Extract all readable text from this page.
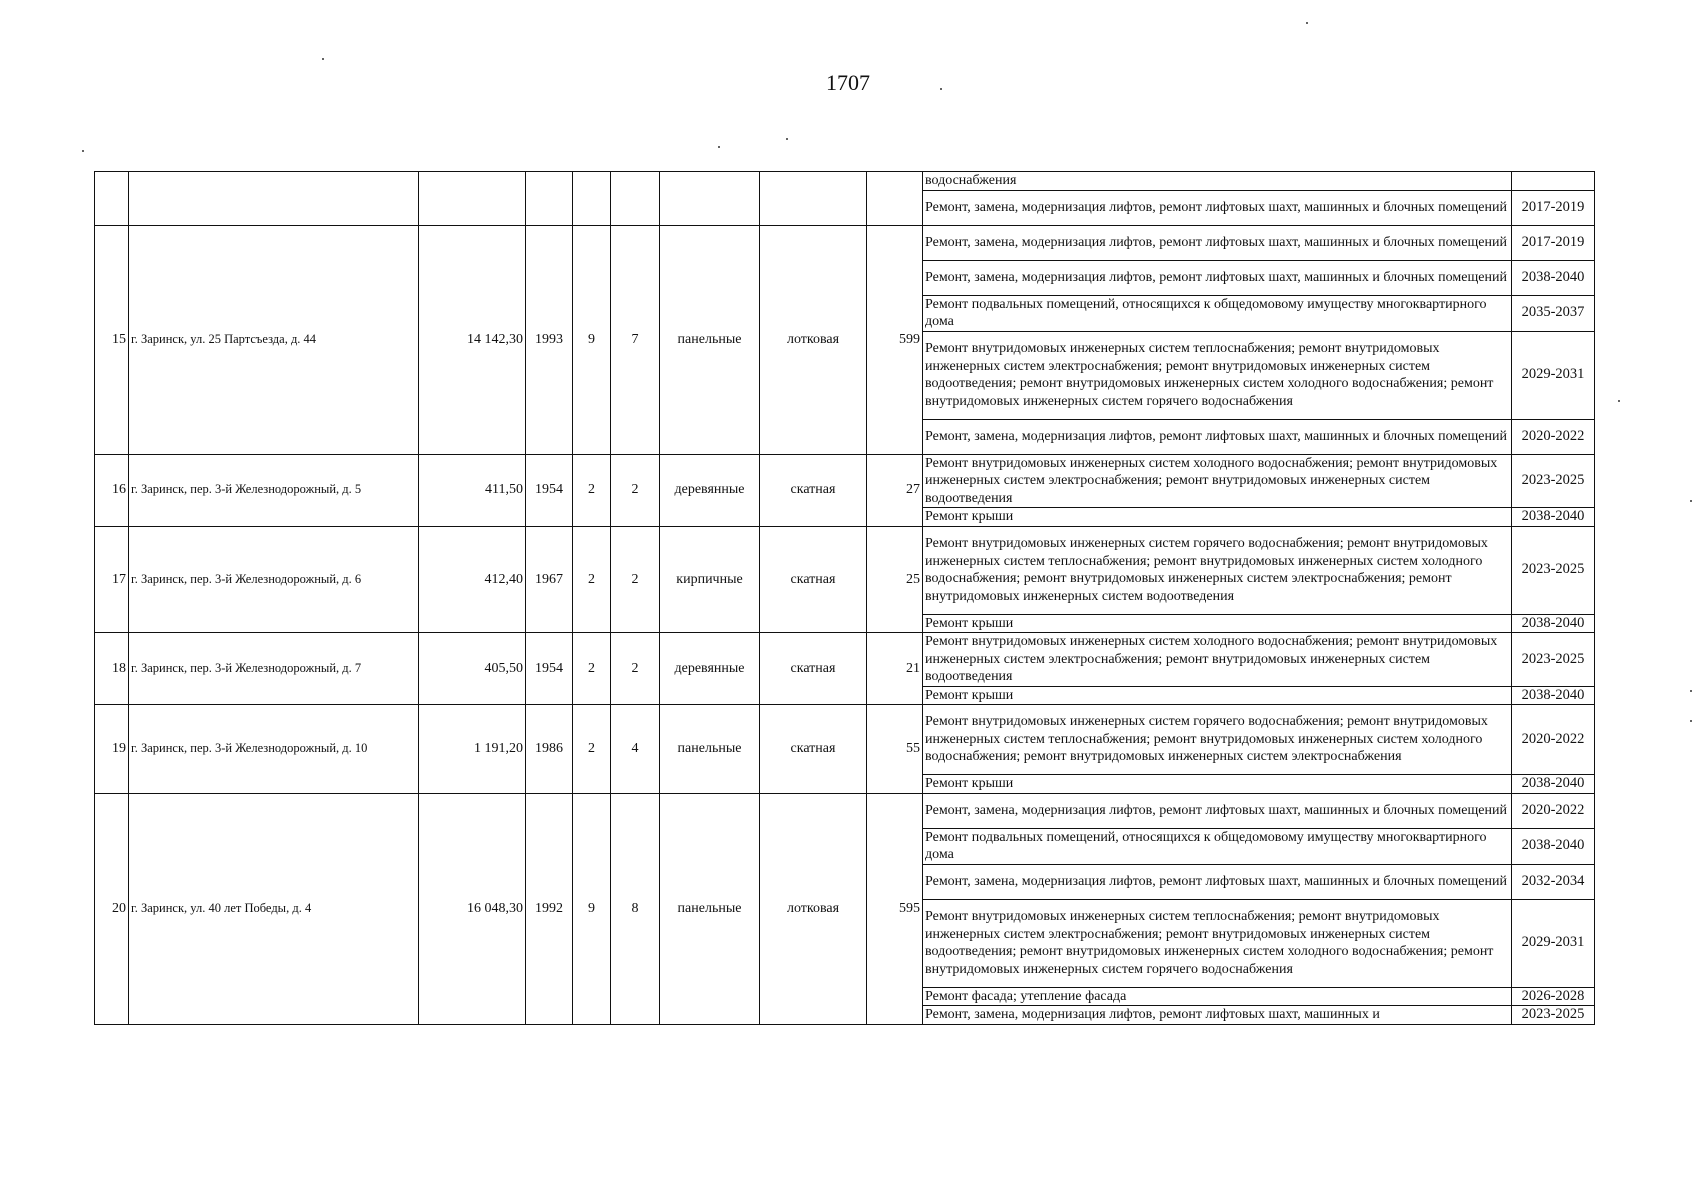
1707
									водоснабжения	
									Ремонт, замена, модернизация лифтов, ремонт лифтовых шахт, машинных и блочных помещений	2017-2019
15	г. Заринск, ул. 25 Партсъезда, д. 44	14 142,30	1993	9	7	панельные	лотковая	599	Ремонт, замена, модернизация лифтов, ремонт лифтовых шахт, машинных и блочных помещений	2017-2019
									Ремонт, замена, модернизация лифтов, ремонт лифтовых шахт, машинных и блочных помещений	2038-2040
									Ремонт подвальных помещений, относящихся к общедомовому имуществу многоквартирного дома	2035-2037
									Ремонт внутридомовых инженерных систем теплоснабжения; ремонт внутридомовых инженерных систем электроснабжения; ремонт внутридомовых инженерных систем водоотведения; ремонт внутридомовых инженерных систем холодного водоснабжения; ремонт внутридомовых инженерных систем горячего водоснабжения	2029-2031
									Ремонт, замена, модернизация лифтов, ремонт лифтовых шахт, машинных и блочных помещений	2020-2022
16	г. Заринск, пер. 3-й Железнодорожный, д. 5	411,50	1954	2	2	деревянные	скатная	27	Ремонт внутридомовых инженерных систем холодного водоснабжения; ремонт внутридомовых инженерных систем электроснабжения; ремонт внутридомовых инженерных систем водоотведения	2023-2025
									Ремонт крыши	2038-2040
17	г. Заринск, пер. 3-й Железнодорожный, д. 6	412,40	1967	2	2	кирпичные	скатная	25	Ремонт внутридомовых инженерных систем горячего водоснабжения; ремонт внутридомовых инженерных систем теплоснабжения; ремонт внутридомовых инженерных систем холодного водоснабжения; ремонт внутридомовых инженерных систем электроснабжения; ремонт внутридомовых инженерных систем водоотведения	2023-2025
									Ремонт крыши	2038-2040
18	г. Заринск, пер. 3-й Железнодорожный, д. 7	405,50	1954	2	2	деревянные	скатная	21	Ремонт внутридомовых инженерных систем холодного водоснабжения; ремонт внутридомовых инженерных систем электроснабжения; ремонт внутридомовых инженерных систем водоотведения	2023-2025
									Ремонт крыши	2038-2040
19	г. Заринск, пер. 3-й Железнодорожный, д. 10	1 191,20	1986	2	4	панельные	скатная	55	Ремонт внутридомовых инженерных систем горячего водоснабжения; ремонт внутридомовых инженерных систем теплоснабжения; ремонт внутридомовых инженерных систем холодного водоснабжения; ремонт внутридомовых инженерных систем электроснабжения	2020-2022
									Ремонт крыши	2038-2040
20	г. Заринск, ул. 40 лет Победы, д. 4	16 048,30	1992	9	8	панельные	лотковая	595	Ремонт, замена, модернизация лифтов, ремонт лифтовых шахт, машинных и блочных помещений	2020-2022
									Ремонт подвальных помещений, относящихся к общедомовому имуществу многоквартирного дома	2038-2040
									Ремонт, замена, модернизация лифтов, ремонт лифтовых шахт, машинных и блочных помещений	2032-2034
									Ремонт внутридомовых инженерных систем теплоснабжения; ремонт внутридомовых инженерных систем электроснабжения; ремонт внутридомовых инженерных систем водоотведения; ремонт внутридомовых инженерных систем холодного водоснабжения; ремонт внутридомовых инженерных систем горячего водоснабжения	2029-2031
									Ремонт фасада; утепление фасада	2026-2028
									Ремонт, замена, модернизация лифтов, ремонт лифтовых шахт, машинных и	2023-2025
